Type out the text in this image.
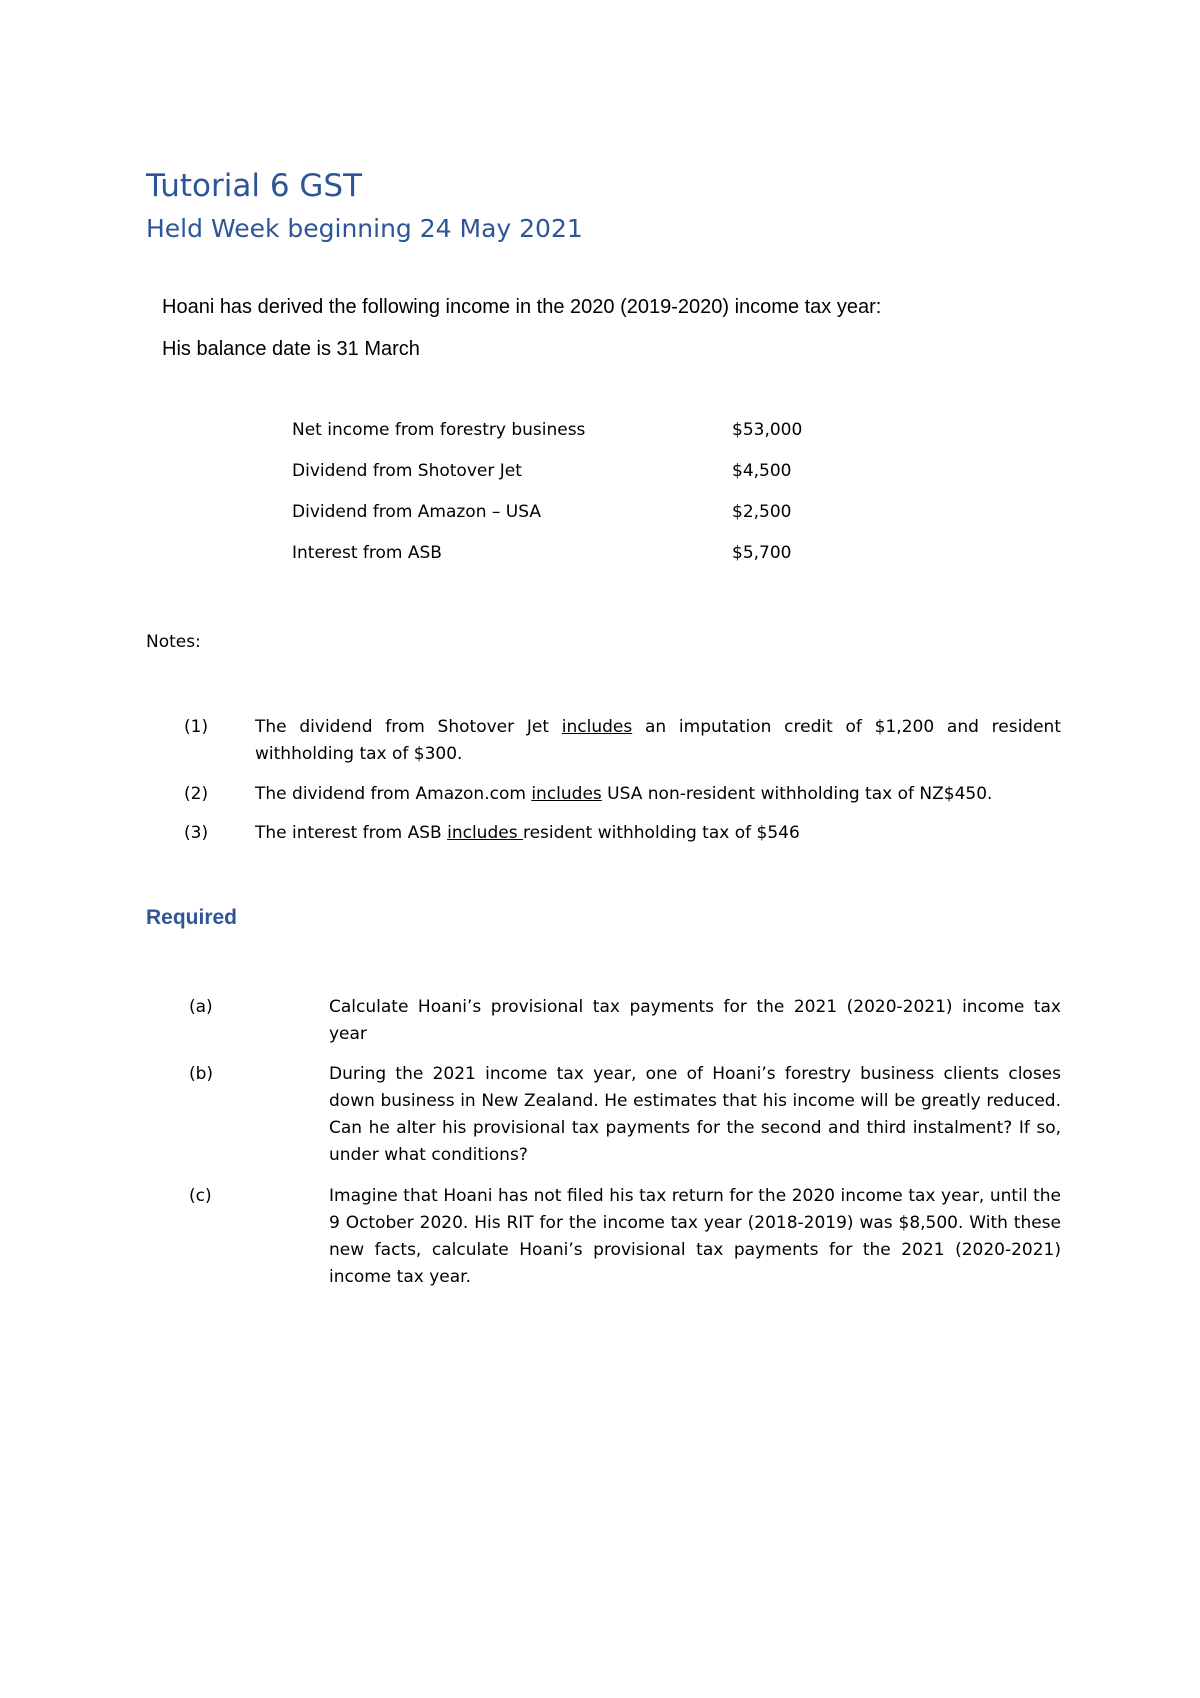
Tutorial 6 GST
Held Week beginning 24 May 2021
Hoani has derived the following income in the 2020 (2019-2020) income tax year:
His balance date is 31 March
Net income from forestry business	$53,000
Dividend from Shotover Jet	$4,500
Dividend from Amazon – USA	$2,500
Interest from ASB	$5,700
Notes:
(1)	The dividend from Shotover Jet includes an imputation credit of $1,200 and resident withholding tax of $300.
(2)	The dividend from Amazon.com includes USA non-resident withholding tax of NZ$450.
(3)	The interest from ASB includes resident withholding tax of $546
Required
(a)	Calculate Hoani’s provisional tax payments for the 2021 (2020-2021) income tax year
(b)	During the 2021 income tax year, one of Hoani’s forestry business clients closes down business in New Zealand. He estimates that his income will be greatly reduced. Can he alter his provisional tax payments for the second and third instalment? If so, under what conditions?
(c)	Imagine that Hoani has not filed his tax return for the 2020 income tax year, until the 9 October 2020. His RIT for the income tax year (2018-2019) was $8,500. With these new facts, calculate Hoani’s provisional tax payments for the 2021 (2020-2021) income tax year.
